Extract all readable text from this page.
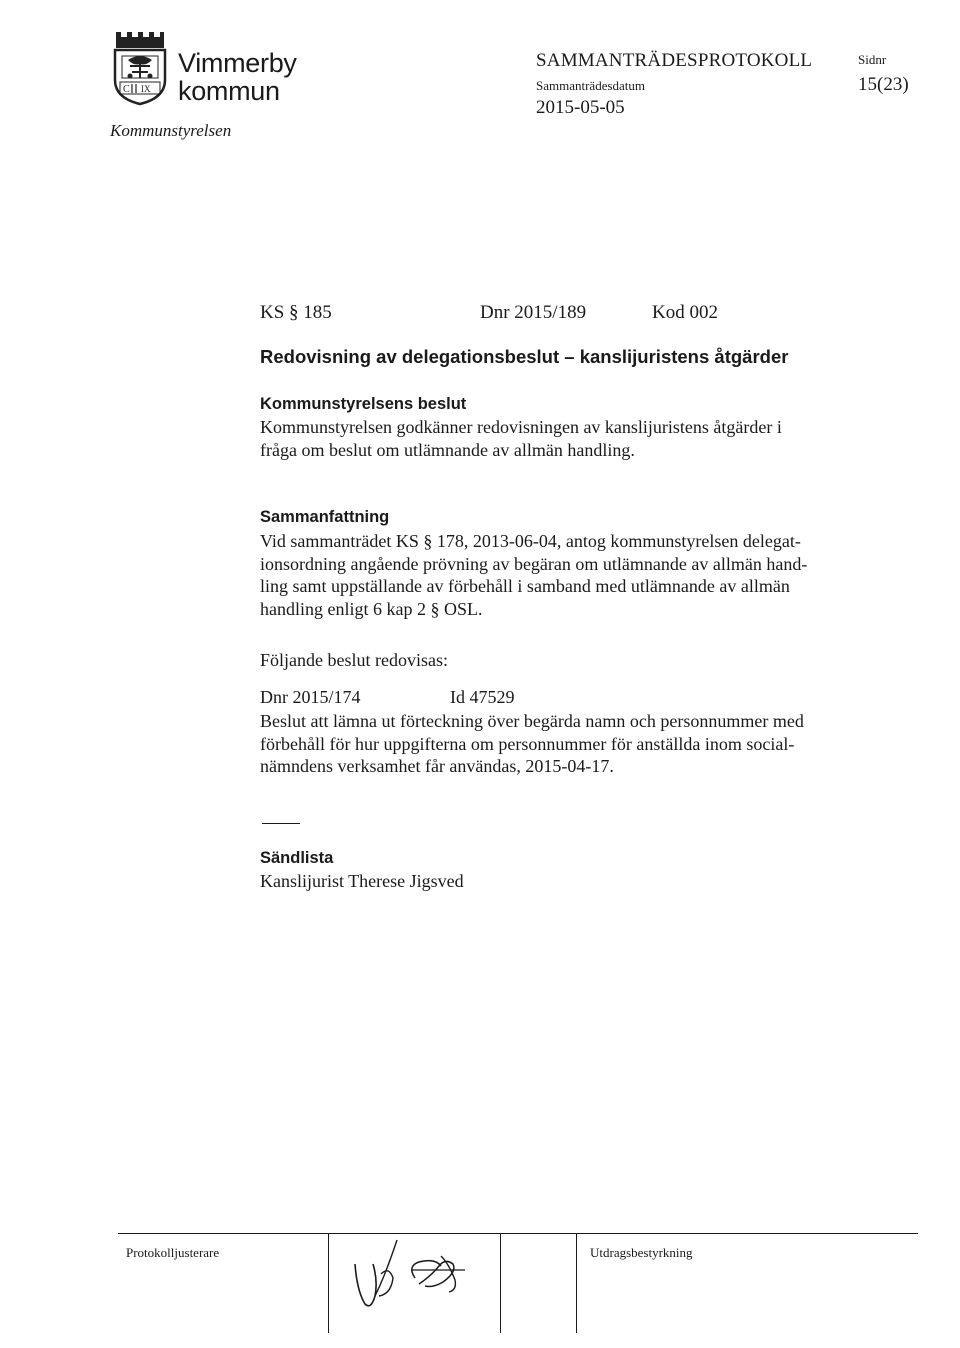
C IX
Vimmerby
kommun
Kommunstyrelsen
SAMMANTRÄDESPROTOKOLL
Sammanträdesdatum
2015-05-05
Sidnr
15(23)
KS § 185	Dnr 2015/189	Kod 002
Redovisning av delegationsbeslut – kanslijuristens åtgärder
Kommunstyrelsens beslut
Kommunstyrelsen godkänner redovisningen av kanslijuristens åtgärder i
fråga om beslut om utlämnande av allmän handling.
Sammanfattning
Vid sammanträdet KS § 178, 2013-06-04, antog kommunstyrelsen delegat-
ionsordning angående prövning av begäran om utlämnande av allmän hand-
ling samt uppställande av förbehåll i samband med utlämnande av allmän
handling enligt 6 kap 2 § OSL.
Följande beslut redovisas:
Dnr 2015/174	Id 47529
Beslut att lämna ut förteckning över begärda namn och personnummer med
förbehåll för hur uppgifterna om personnummer för anställda inom social-
nämndens verksamhet får användas, 2015-04-17.
Sändlista
Kanslijurist Therese Jigsved
Protokolljusterare	Utdragsbestyrkning
